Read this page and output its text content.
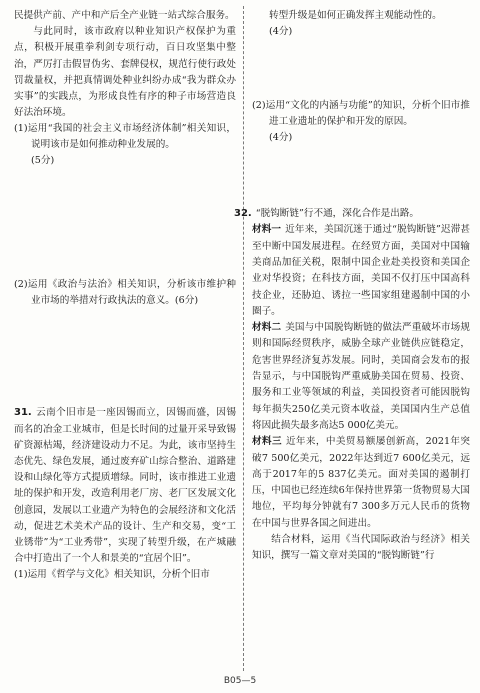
民提供产前、产中和产后全产业链一站式综合服务。

与此同时，该市政府以种业知识产权保护为重点，积极开展重拳利剑专项行动，百日攻坚集中整治，严厉打击假冒伪劣、套牌侵权，规范行使行政处罚裁量权，并把真情调处种业纠纷办成“我为群众办实事”的实践点，为形成良性有序的种子市场营造良好法治环境。

(1)运用“我国的社会主义市场经济体制”相关知识，说明该市是如何推动种业发展的。

(5分)

(2)运用《政治与法治》相关知识，分析该市维护种业市场的举措对行政执法的意义。(6分)

31. 云南个旧市是一座因锡而立，因锡而盛，因锡而名的冶金工业城市，但是长时间的过量开采导致锡矿资源枯竭，经济建设动力不足。为此，该市坚持生态优先、绿色发展，通过废弃矿山综合整治、道路建设和山绿化等方式提质增绿。同时，该市推进工业遗址的保护和开发，改造利用老厂房、老厂区发展文化创意园，发展以工业遗产为特色的会展经济和文化活动，促进艺术美术产品的设计、生产和交易，变“工业锈带”为“工业秀带”，实现了转型升级，在产城融合中打造出了一个人和景美的“宜居个旧”。

(1)运用《哲学与文化》相关知识，分析个旧市

转型升级是如何正确发挥主观能动性的。

(4分)

(2)运用“文化的内涵与功能”的知识，分析个旧市推进工业遗址的保护和开发的原因。

(4分)

32. “脱钩断链”行不通，深化合作是出路。

材料一 近年来，美国沉迷于通过“脱钩断链”迟滞甚至中断中国发展进程。在经贸方面，美国对中国输美商品加征关税，限制中国企业赴美投资和美国企业对华投资；在科技方面，美国不仅打压中国高科技企业，还胁迫、诱拉一些国家组建遏制中国的小圈子。

材料二 美国与中国脱钩断链的做法严重破坏市场规则和国际经贸秩序，威胁全球产业链供应链稳定，危害世界经济复苏发展。同时，美国商会发布的报告显示，与中国脱钩严重威胁美国在贸易、投资、服务和工业等领域的利益，美国投资者可能因脱钩每年损失250亿美元资本收益，美国国内生产总值将因此损失最多高达5 000亿美元。

材料三 近年来，中美贸易额屡创新高，2021年突破7 500亿美元，2022年达到近7 600亿美元，远高于2017年的5 837亿美元。面对美国的遏制打压，中国也已经连续6年保持世界第一货物贸易大国地位，平均每分钟就有7 300多万元人民币的货物在中国与世界各国之间进出。

结合材料，运用《当代国际政治与经济》相关知识，撰写一篇文章对美国的“脱钩断链”行

B05—5
